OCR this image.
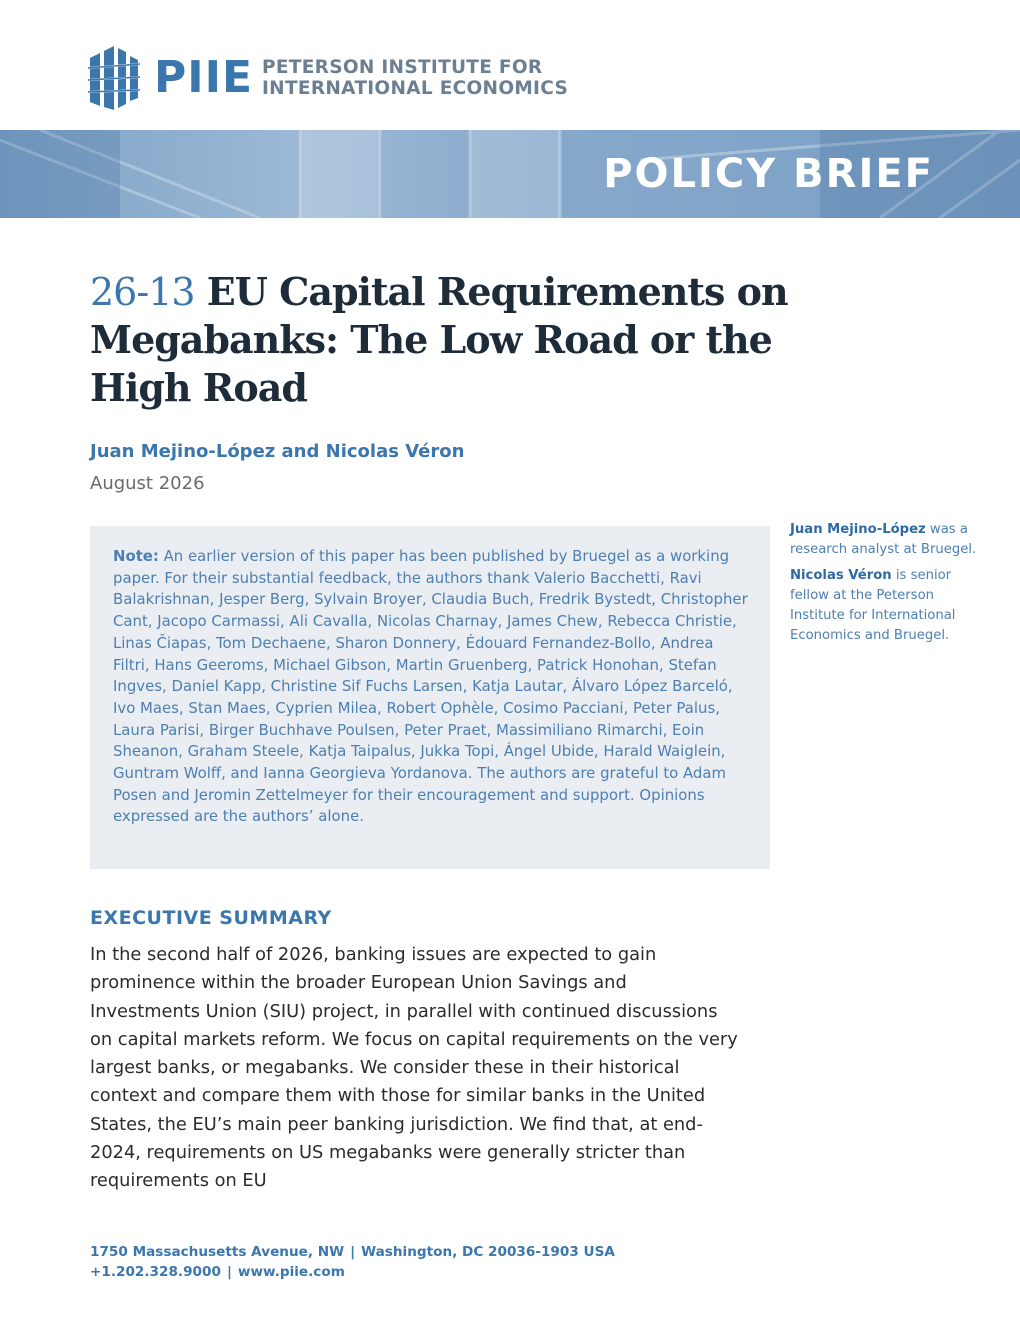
PIIE PETERSON INSTITUTE FOR
INTERNATIONAL ECONOMICS
POLICY BRIEF
26-13 EU Capital Requirements on
Megabanks: The Low Road or the
High Road
Juan Mejino-López and Nicolas Véron
August 2026

Note: An earlier version of this paper has been published by Bruegel as a working paper. For their substantial feedback, the authors thank Valerio Bacchetti, Ravi Balakrishnan, Jesper Berg, Sylvain Broyer, Claudia Buch, Fredrik Bystedt, Christopher Cant, Jacopo Carmassi, Ali Cavalla, Nicolas Charnay, James Chew, Rebecca Christie, Linas Čiapas, Tom Dechaene, Sharon Donnery, Édouard Fernandez-Bollo, Andrea Filtri, Hans Geeroms, Michael Gibson, Martin Gruenberg, Patrick Honohan, Stefan Ingves, Daniel Kapp, Christine Sif Fuchs Larsen, Katja Lautar, Álvaro López Barceló, Ivo Maes, Stan Maes, Cyprien Milea, Robert Ophèle, Cosimo Pacciani, Peter Palus, Laura Parisi, Birger Buchhave Poulsen, Peter Praet, Massimiliano Rimarchi, Eoin Sheanon, Graham Steele, Katja Taipalus, Jukka Topi, Ángel Ubide, Harald Waiglein, Guntram Wolff, and Ianna Georgieva Yordanova. The authors are grateful to Adam Posen and Jeromin Zettelmeyer for their encouragement and support. Opinions expressed are the authors’ alone.

Juan Mejino-López was a research analyst at Bruegel.

Nicolas Véron is senior fellow at the Peterson Institute for International Economics and Bruegel.

EXECUTIVE SUMMARY

In the second half of 2026, banking issues are expected to gain prominence within the broader European Union Savings and Investments Union (SIU) project, in parallel with continued discussions on capital markets reform. We focus on capital requirements on the very largest banks, or megabanks. We consider these in their historical context and compare them with those for similar banks in the United States, the EU’s main peer banking jurisdiction. We find that, at end-2024, requirements on US megabanks were generally stricter than requirements on EU

1750 Massachusetts Avenue, NW | Washington, DC 20036-1903 USA
+1.202.328.9000 | www.piie.com
